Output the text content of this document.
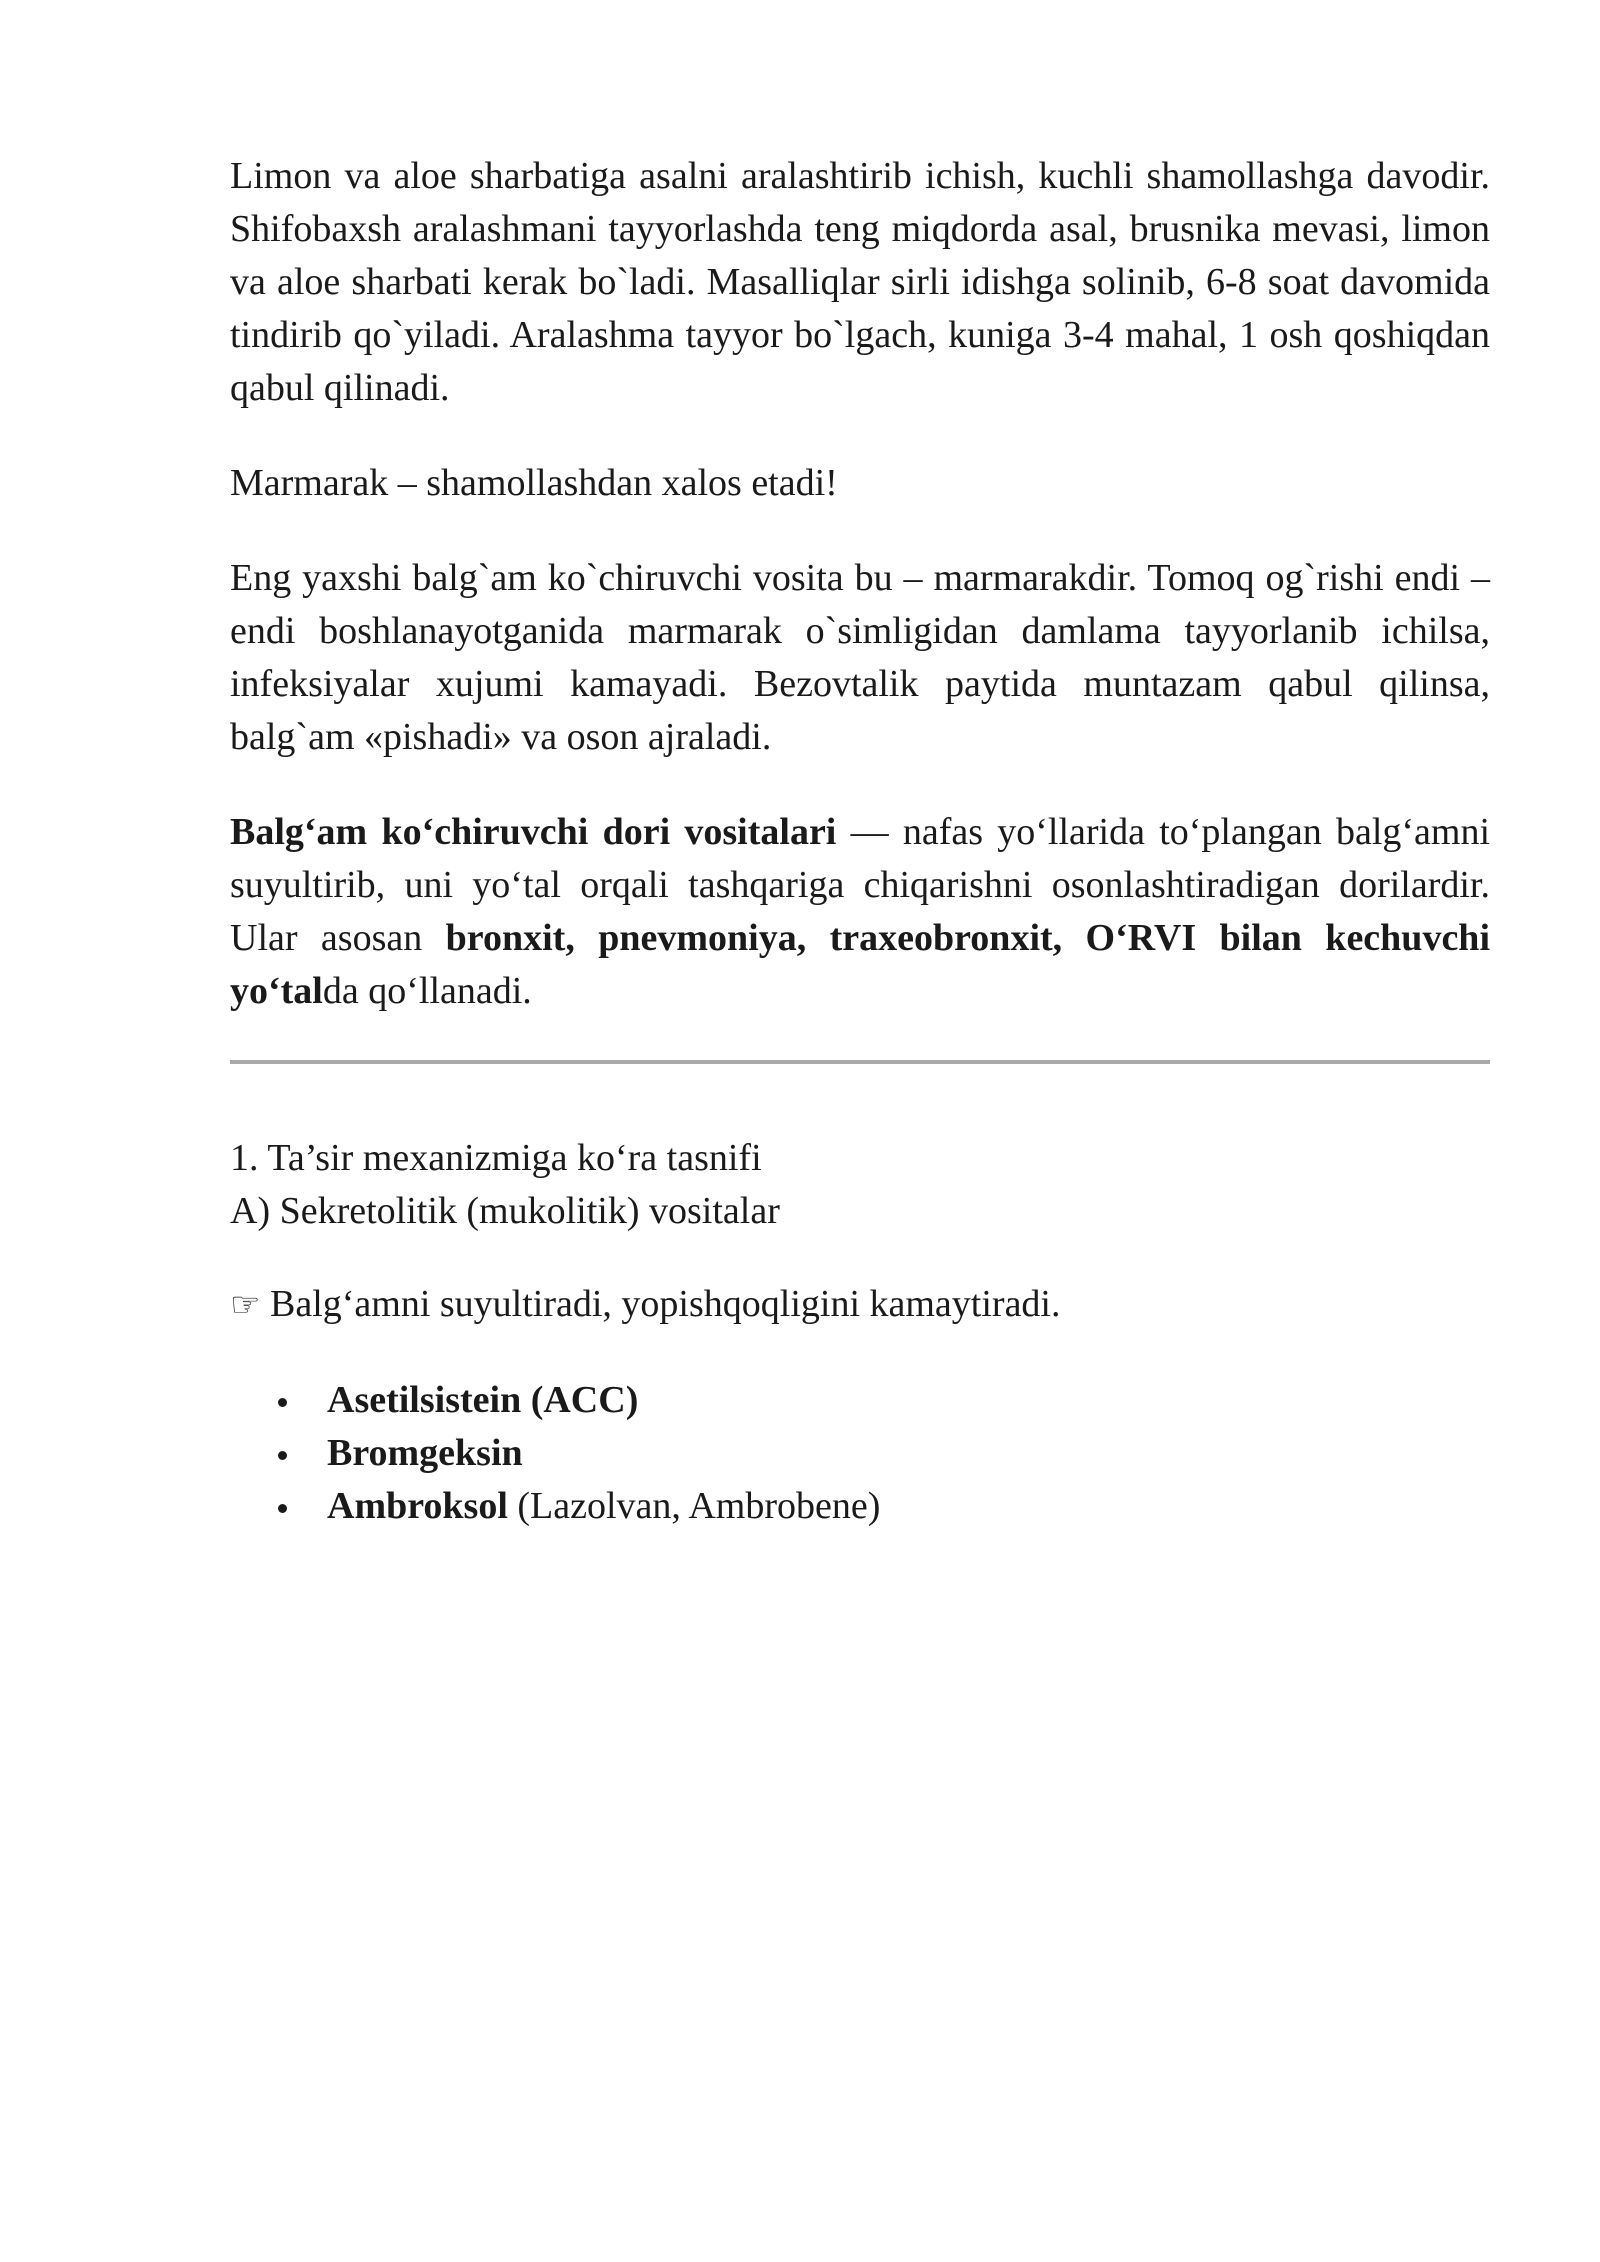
Limon va aloe sharbatiga asalni aralashtirib ichish, kuchli shamollashga davodir. Shifobaxsh aralashmani tayyorlashda teng miqdorda asal, brusnika mevasi, limon va aloe sharbati kerak bo`ladi. Masalliqlar sirli idishga solinib, 6-8 soat davomida tindirib qo`yiladi. Aralashma tayyor bo`lgach, kuniga 3-4 mahal, 1 osh qoshiqdan qabul qilinadi.

Marmarak – shamollashdan xalos etadi!

Eng yaxshi balg`am ko`chiruvchi vosita bu – marmarakdir. Tomoq og`rishi endi – endi boshlanayotganida marmarak o`simligidan damlama tayyorlanib ichilsa, infeksiyalar xujumi kamayadi. Bezovtalik paytida muntazam qabul qilinsa, balg`am «pishadi» va oson ajraladi.

Balg‘am ko‘chiruvchi dori vositalari — nafas yo‘llarida to‘plangan balg‘amni suyultirib, uni yo‘tal orqali tashqariga chiqarishni osonlashtiradigan dorilardir. Ular asosan bronxit, pnevmoniya, traxeobronxit, O‘RVI bilan kechuvchi yo‘talda qo‘llanadi.

1. Ta’sir mexanizmiga ko‘ra tasnifi

A) Sekretolitik (mukolitik) vositalar

☞ Balg‘amni suyultiradi, yopishqoqligini kamaytiradi.

Asetilsistein (ACC)
Bromgeksin
Ambroksol (Lazolvan, Ambrobene)
